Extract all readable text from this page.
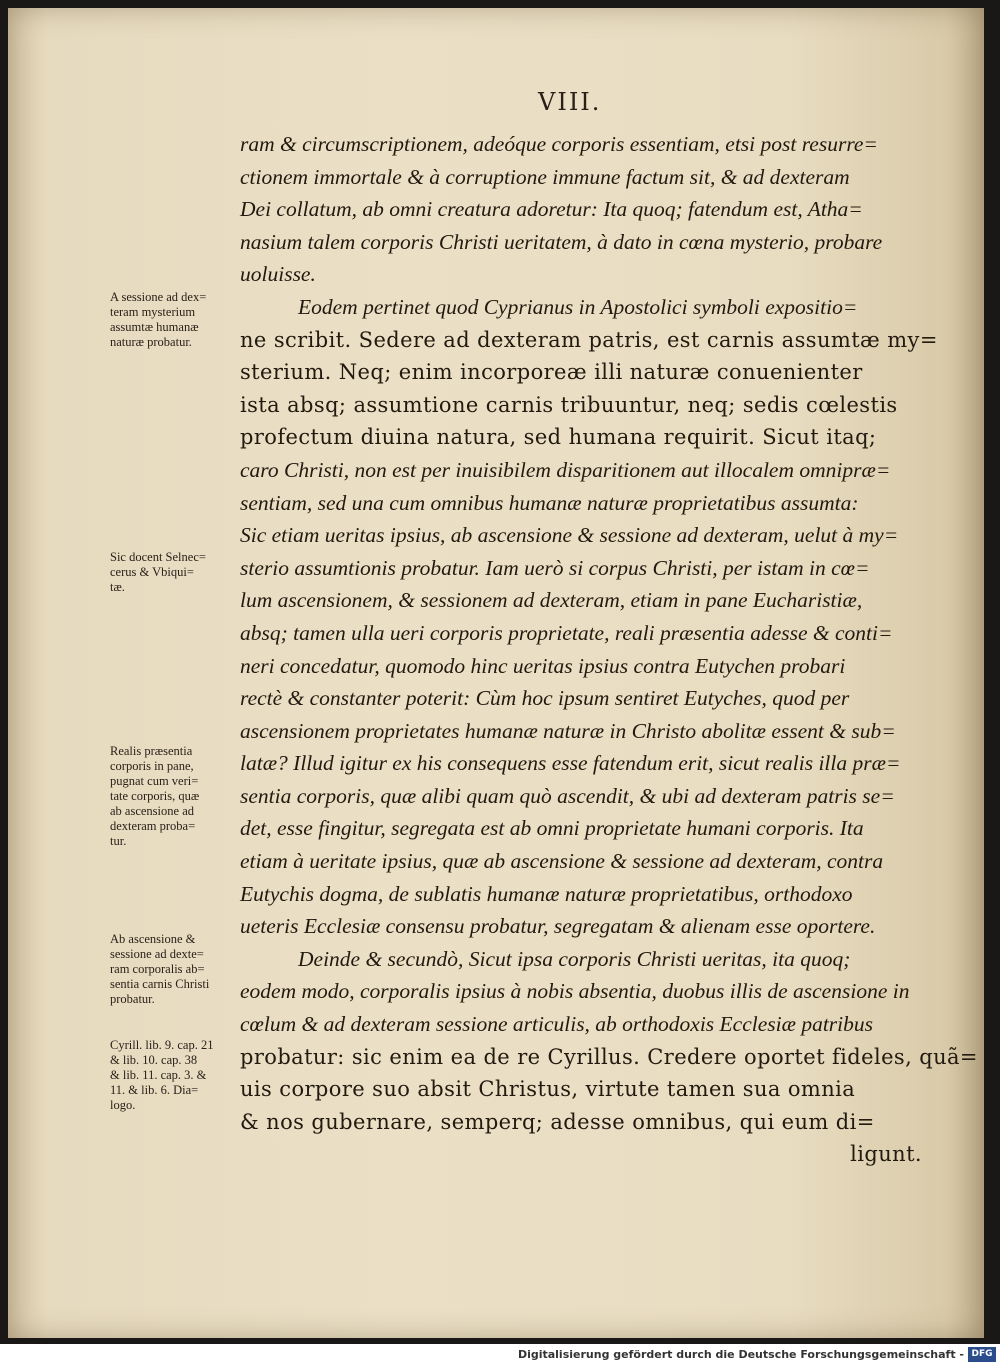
VIII.
ram & circumscriptionem, adeóque corporis essentiam, etsi post resurre=
ctionem immortale & à corruptione immune factum sit, & ad dexteram
Dei collatum, ab omni creatura adoretur: Ita quoq; fatendum est, Atha=
nasium talem corporis Christi ueritatem, à dato in cœna mysterio, probare
uoluisse.
Eodem pertinet quod Cyprianus in Apostolici symboli expositio=
ne scribit. Sedere ad dexteram patris, est carnis assumtæ my=
sterium. Neq; enim incorporeæ illi naturæ conuenienter
ista absq; assumtione carnis tribuuntur, neq; sedis cœlestis
profectum diuina natura, sed humana requirit. Sicut itaq;
caro Christi, non est per inuisibilem disparitionem aut illocalem omnipræ=
sentiam, sed una cum omnibus humanæ naturæ proprietatibus assumta:
Sic etiam ueritas ipsius, ab ascensione & sessione ad dexteram, uelut à my=
sterio assumtionis probatur. Iam uerò si corpus Christi, per istam in cœ=
lum ascensionem, & sessionem ad dexteram, etiam in pane Eucharistiæ,
absq; tamen ulla ueri corporis proprietate, reali præsentia adesse & conti=
neri concedatur, quomodo hinc ueritas ipsius contra Eutychen probari
rectè & constanter poterit: Cùm hoc ipsum sentiret Eutyches, quod per
ascensionem proprietates humanæ naturæ in Christo abolitæ essent & sub=
latæ? Illud igitur ex his consequens esse fatendum erit, sicut realis illa præ=
sentia corporis, quæ alibi quam quò ascendit, & ubi ad dexteram patris se=
det, esse fingitur, segregata est ab omni proprietate humani corporis. Ita
etiam à ueritate ipsius, quæ ab ascensione & sessione ad dexteram, contra
Eutychis dogma, de sublatis humanæ naturæ proprietatibus, orthodoxo
ueteris Ecclesiæ consensu probatur, segregatam & alienam esse oportere.
Deinde & secundò, Sicut ipsa corporis Christi ueritas, ita quoq;
eodem modo, corporalis ipsius à nobis absentia, duobus illis de ascensione in
cœlum & ad dexteram sessione articulis, ab orthodoxis Ecclesiæ patribus
probatur: sic enim ea de re Cyrillus. Credere oportet fideles, quã=
uis corpore suo absit Christus, virtute tamen sua omnia
& nos gubernare, semperq; adesse omnibus, qui eum di=
ligunt.
A sessione ad dex=
teram mysterium
assumtæ humanæ
naturæ probatur.
Sic docent Selnec=
cerus & Vbiqui=
tæ.
Realis præsentia
corporis in pane,
pugnat cum veri=
tate corporis, quæ
ab ascensione ad
dexteram proba=
tur.
Ab ascensione &
sessione ad dexte=
ram corporalis ab=
sentia carnis Christi
probatur.
Cyrill. lib. 9. cap. 21
& lib. 10. cap. 38
& lib. 11. cap. 3. &
11. & lib. 6. Dia=
logo.
Digitalisierung gefördert durch die Deutsche Forschungsgemeinschaft - DFG
